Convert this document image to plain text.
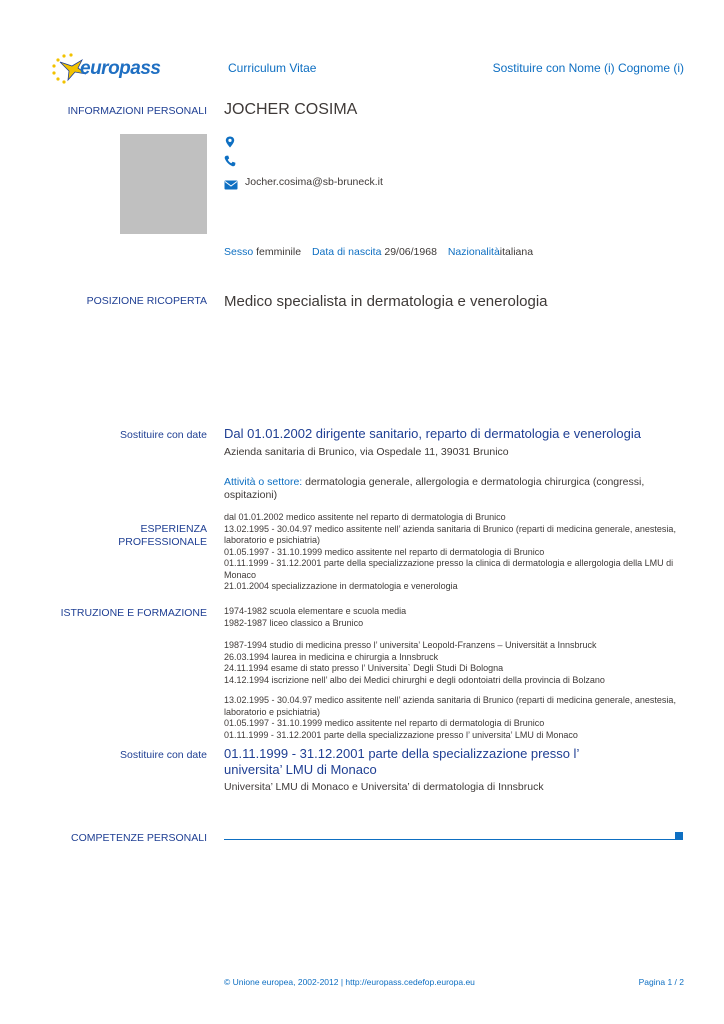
europass	Curriculum Vitae	Sostituire con Nome (i) Cognome (i)
INFORMAZIONI PERSONALI JOCHER COSIMA
Jocher.cosima@sb-bruneck.it
Sesso femminile Data di nascita 29/06/1968 Nazionalitàitaliana
POSIZIONE RICOPERTA Medico specialista in dermatologia e venerologia
Sostituire con date Dal 01.01.2002 dirigente sanitario, reparto di dermatologia e venerologia
Azienda sanitaria di Brunico, via Ospedale 11, 39031 Brunico
Attività o settore: dermatologia generale, allergologia e dermatologia chirurgica (congressi,
ospitazioni)
ESPERIENZA
PROFESSIONALE
dal 01.01.2002 medico assitente nel reparto di dermatologia di Brunico
13.02.1995 - 30.04.97 medico assitente nell’ azienda sanitaria di Brunico (reparti di medicina generale, anestesia,
laboratorio e psichiatria)
01.05.1997 - 31.10.1999 medico assitente nel reparto di dermatologia di Brunico
01.11.1999 - 31.12.2001 parte della specializzazione presso la clinica di dermatologia e allergologia della LMU di
Monaco
21.01.2004 specializzazione in dermatologia e venerologia
ISTRUZIONE E FORMAZIONE 1974-1982 scuola elementare e scuola media
1982-1987 liceo classico a Brunico
1987-1994 studio di medicina presso l’ universita’ Leopold-Franzens – Universität a Innsbruck
26.03.1994 laurea in medicina e chirurgia a Innsbruck
24.11.1994 esame di stato presso l’ Universita` Degli Studi Di Bologna
14.12.1994 iscrizione nell’ albo dei Medici chirurghi e degli odontoiatri della provincia di Bolzano
13.02.1995 - 30.04.97 medico assitente nell’ azienda sanitaria di Brunico (reparti di medicina generale, anestesia,
laboratorio e psichiatria)
01.05.1997 - 31.10.1999 medico assitente nel reparto di dermatologia di Brunico
01.11.1999 - 31.12.2001 parte della specializzazione presso l’ universita’ LMU di Monaco
Sostituire con date 01.11.1999 - 31.12.2001 parte della specializzazione presso l’
universita’ LMU di Monaco
Universita’ LMU di Monaco e Universita’ di dermatologia di Innsbruck
COMPETENZE PERSONALI
© Unione europea, 2002-2012 | http://europass.cedefop.europa.eu	Pagina 1 / 2
